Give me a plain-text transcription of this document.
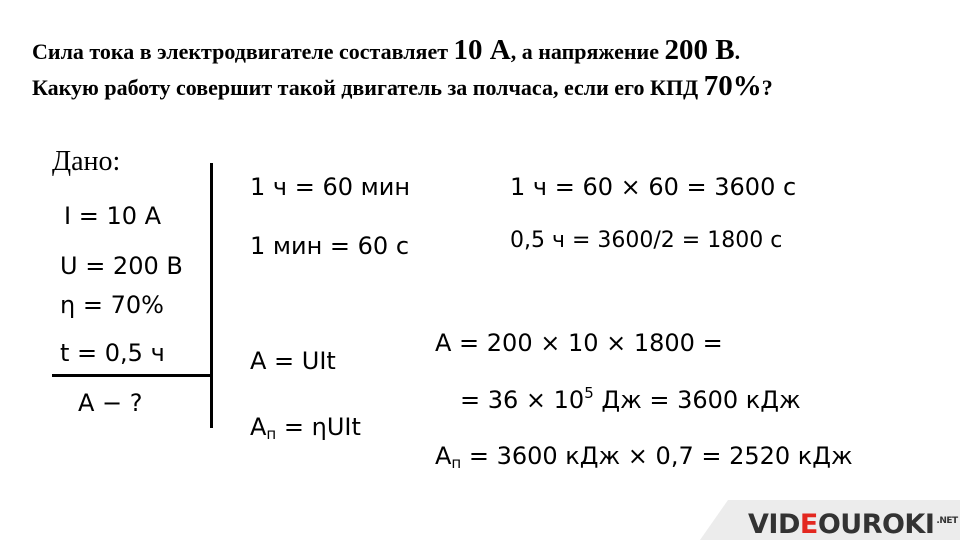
Сила тока в электродвигателе составляет 10 А, а напряжение 200 В.
Какую работу совершит такой двигатель за полчаса, если его КПД 70%?
Дано:
I = 10 A
U = 200 B
η = 70%
t = 0,5 ч
A − ?
1 ч = 60 мин
1 мин = 60 с
1 ч = 60 × 60 = 3600 с
0,5 ч = 3600/2 = 1800 с
A = UIt
$A_п = \eta UIt$
A = 200 × 10 × 1800 =
= $36 \times 10^5$ Дж = 3600 кДж
$A_п = 3600$ кДж × 0,7 = 2520 кДж
VIDEOUROKI $^{.NET}$
